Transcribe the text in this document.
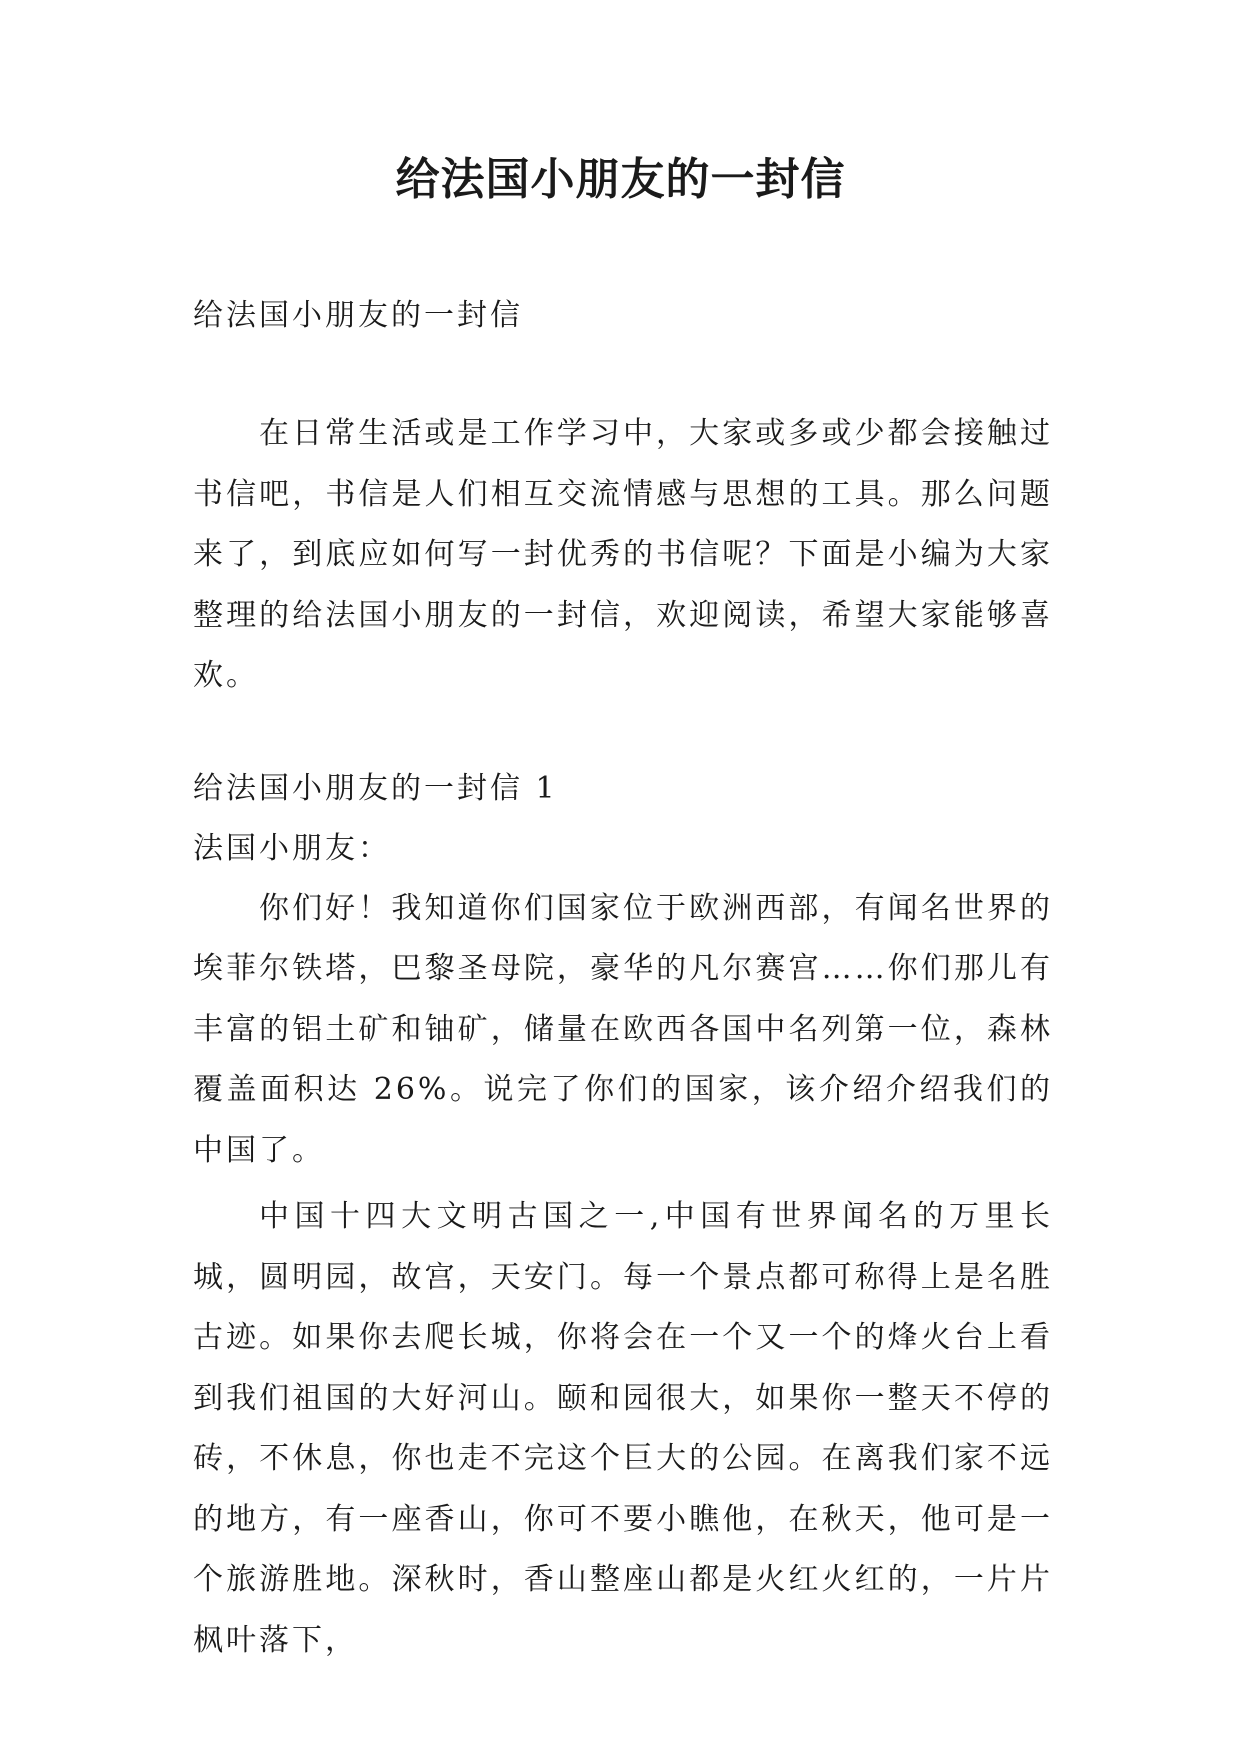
给法国小朋友的一封信

给法国小朋友的一封信

在日常生活或是工作学习中，大家或多或少都会接触过书信吧，书信是人们相互交流情感与思想的工具。那么问题来了，到底应如何写一封优秀的书信呢？下面是小编为大家整理的给法国小朋友的一封信，欢迎阅读，希望大家能够喜欢。

给法国小朋友的一封信 1

法国小朋友：

你们好！我知道你们国家位于欧洲西部，有闻名世界的埃菲尔铁塔，巴黎圣母院，豪华的凡尔赛宫……你们那儿有丰富的铝土矿和铀矿，储量在欧西各国中名列第一位，森林覆盖面积达 26%。说完了你们的国家，该介绍介绍我们的中国了。

中国十四大文明古国之一,中国有世界闻名的万里长城，圆明园，故宫，天安门。每一个景点都可称得上是名胜古迹。如果你去爬长城，你将会在一个又一个的烽火台上看到我们祖国的大好河山。颐和园很大，如果你一整天不停的砖，不休息，你也走不完这个巨大的公园。在离我们家不远的地方，有一座香山，你可不要小瞧他，在秋天，他可是一个旅游胜地。深秋时，香山整座山都是火红火红的，一片片枫叶落下，
